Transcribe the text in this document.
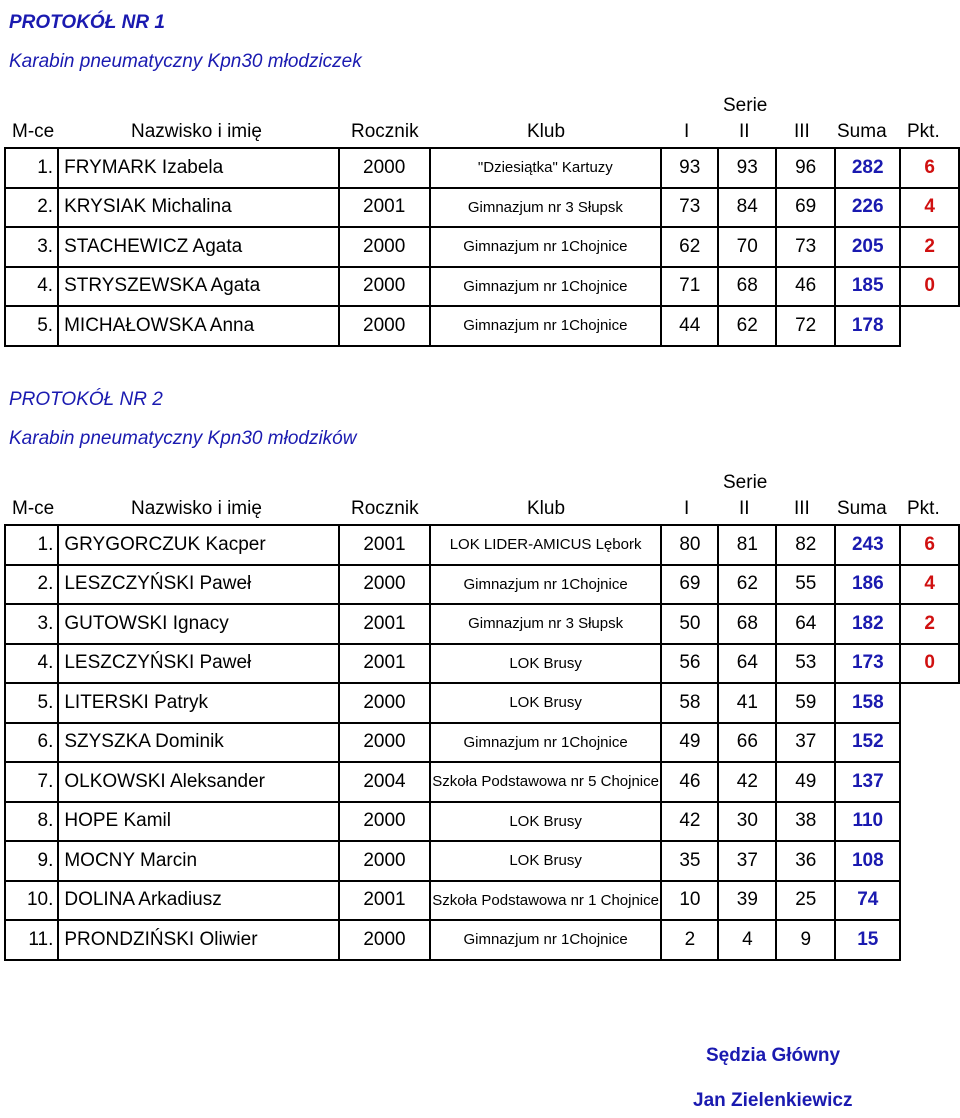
PROTOKÓŁ NR 1
Karabin pneumatyczny Kpn30 młodziczek
Serie
M-ce	Nazwisko i imię	Rocznik	Klub	I	II III Suma Pkt.
1.	FRYMARK Izabela	2000	"Dziesiątka" Kartuzy	93	93	96	282	6
2.	KRYSIAK Michalina	2001	Gimnazjum nr 3 Słupsk	73	84	69	226	4
3.	STACHEWICZ Agata	2000	Gimnazjum nr 1Chojnice	62	70	73	205	2
4.	STRYSZEWSKA Agata	2000	Gimnazjum nr 1Chojnice	71	68	46	185	0
5.	MICHAŁOWSKA Anna	2000	Gimnazjum nr 1Chojnice	44	62	72	178	
PROTOKÓŁ NR 2
Karabin pneumatyczny Kpn30 młodzików
Serie
M-ce	Nazwisko i imię	Rocznik	Klub	I	II III Suma Pkt.
1.	GRYGORCZUK Kacper	2001	LOK LIDER-AMICUS Lębork	80	81	82	243	6
2.	LESZCZYŃSKI Paweł	2000	Gimnazjum nr 1Chojnice	69	62	55	186	4
3.	GUTOWSKI Ignacy	2001	Gimnazjum nr 3 Słupsk	50	68	64	182	2
4.	LESZCZYŃSKI Paweł	2001	LOK Brusy	56	64	53	173	0
5.	LITERSKI Patryk	2000	LOK Brusy	58	41	59	158	
6.	SZYSZKA Dominik	2000	Gimnazjum nr 1Chojnice	49	66	37	152	
7.	OLKOWSKI Aleksander	2004	Szkoła Podstawowa nr 5 Chojnice	46	42	49	137	
8.	HOPE Kamil	2000	LOK Brusy	42	30	38	110	
9.	MOCNY Marcin	2000	LOK Brusy	35	37	36	108	
10.	DOLINA Arkadiusz	2001	Szkoła Podstawowa nr 1 Chojnice	10	39	25	74	
11.	PRONDZIŃSKI Oliwier	2000	Gimnazjum nr 1Chojnice	2	4	9	15	
Sędzia Główny
Jan Zielenkiewicz
